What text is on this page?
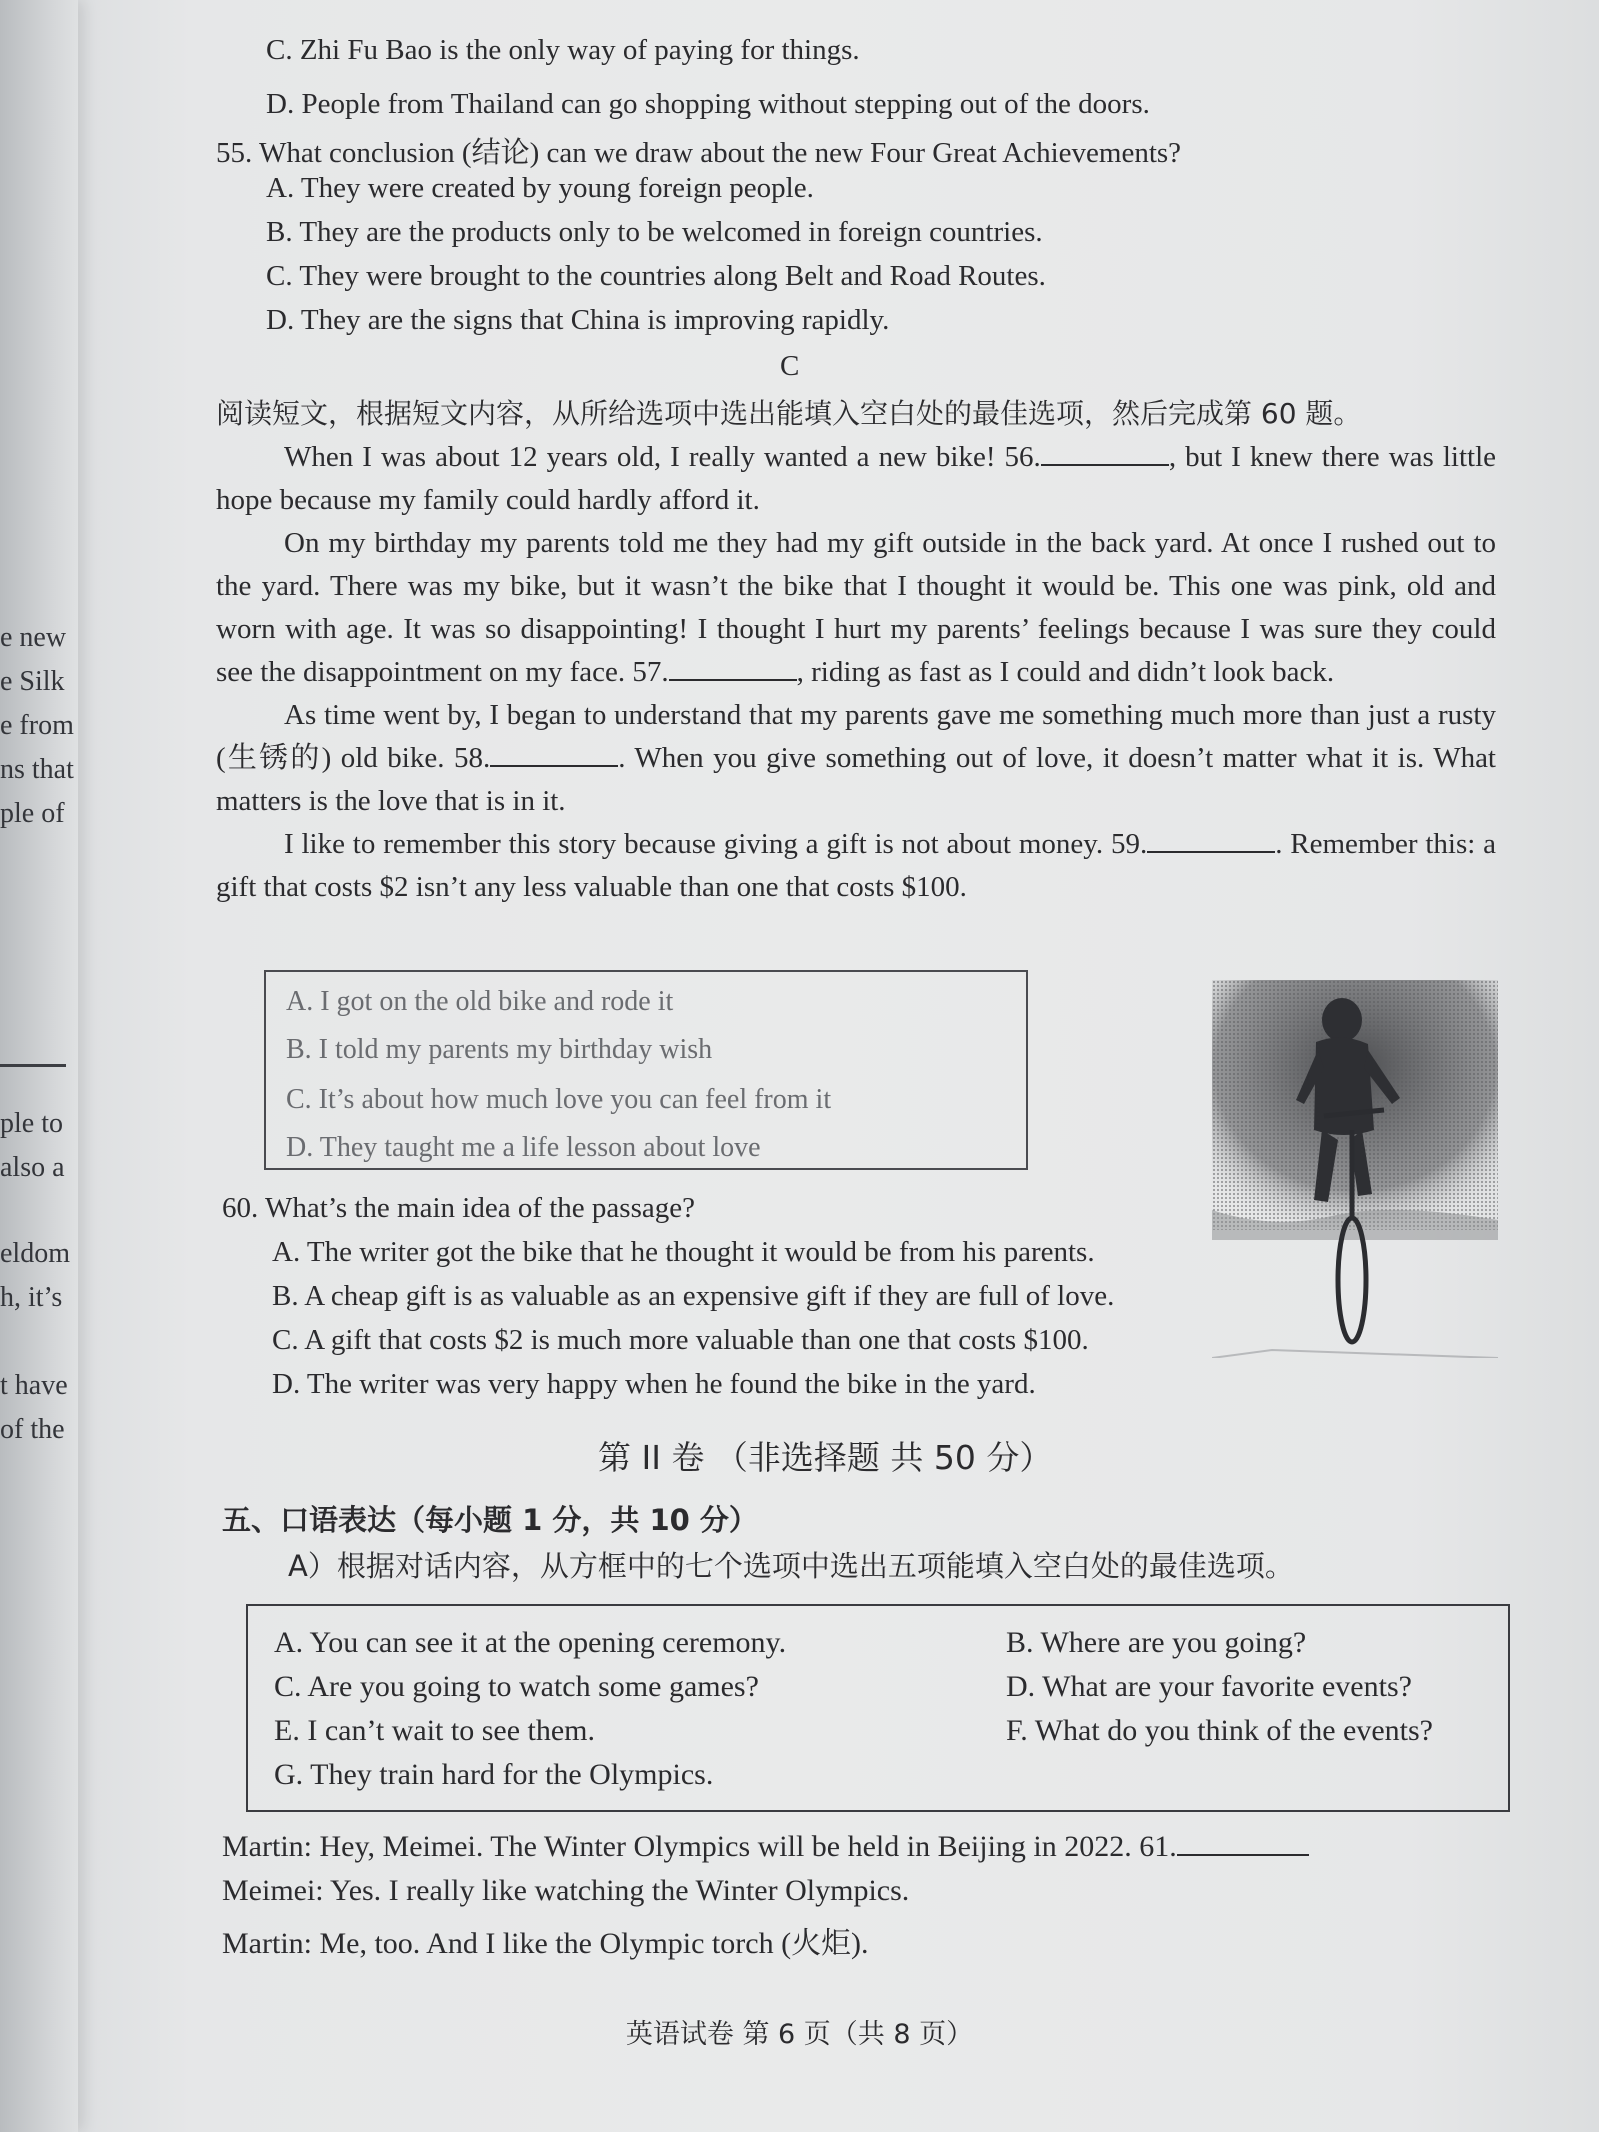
e new
e Silk
e from
ns that
ple of
ple to
also a
eldom
h, it’s
t have
of the
C. Zhi Fu Bao is the only way of paying for things.
D. People from Thailand can go shopping without stepping out of the doors.
55. What conclusion (结论) can we draw about the new Four Great Achievements?
A. They were created by young foreign people.
B. They are the products only to be welcomed in foreign countries.
C. They were brought to the countries along Belt and Road Routes.
D. They are the signs that China is improving rapidly.
C
阅读短文，根据短文内容，从所给选项中选出能填入空白处的最佳选项，然后完成第 60 题。
When I was about 12 years old, I really wanted a new bike! 56.	, but I knew there was little hope because my family could hardly afford it.
On my birthday my parents told me they had my gift outside in the back yard. At once I rushed out to the yard. There was my bike, but it wasn’t the bike that I thought it would be. This one was pink, old and worn with age. It was so disappointing! I thought I hurt my parents’ feelings because I was sure they could see the disappointment on my face. 57.	, riding as fast as I could and didn’t look back.
As time went by, I began to understand that my parents gave me something much more than just a rusty (生锈的) old bike. 58.	. When you give something out of love, it doesn’t matter what it is. What matters is the love that is in it.
I like to remember this story because giving a gift is not about money. 59.	. Remember this: a gift that costs $2 isn’t any less valuable than one that costs $100.
A. I got on the old bike and rode it
B. I told my parents my birthday wish
C. It’s about how much love you can feel from it
D. They taught me a life lesson about love
60. What’s the main idea of the passage?
A. The writer got the bike that he thought it would be from his parents.
B. A cheap gift is as valuable as an expensive gift if they are full of love.
C. A gift that costs $2 is much more valuable than one that costs $100.
D. The writer was very happy when he found the bike in the yard.
第 II 卷 （非选择题 共 50 分）
五、口语表达（每小题 1 分，共 10 分）
A）根据对话内容，从方框中的七个选项中选出五项能填入空白处的最佳选项。
A. You can see it at the opening ceremony.	B. Where are you going?
C. Are you going to watch some games?	D. What are your favorite events?
E. I can’t wait to see them.	F. What do you think of the events?
G. They train hard for the Olympics.
Martin: Hey, Meimei. The Winter Olympics will be held in Beijing in 2022. 61.
Meimei: Yes. I really like watching the Winter Olympics.
Martin: Me, too. And I like the Olympic torch (火炬).
英语试卷 第 6 页（共 8 页）
